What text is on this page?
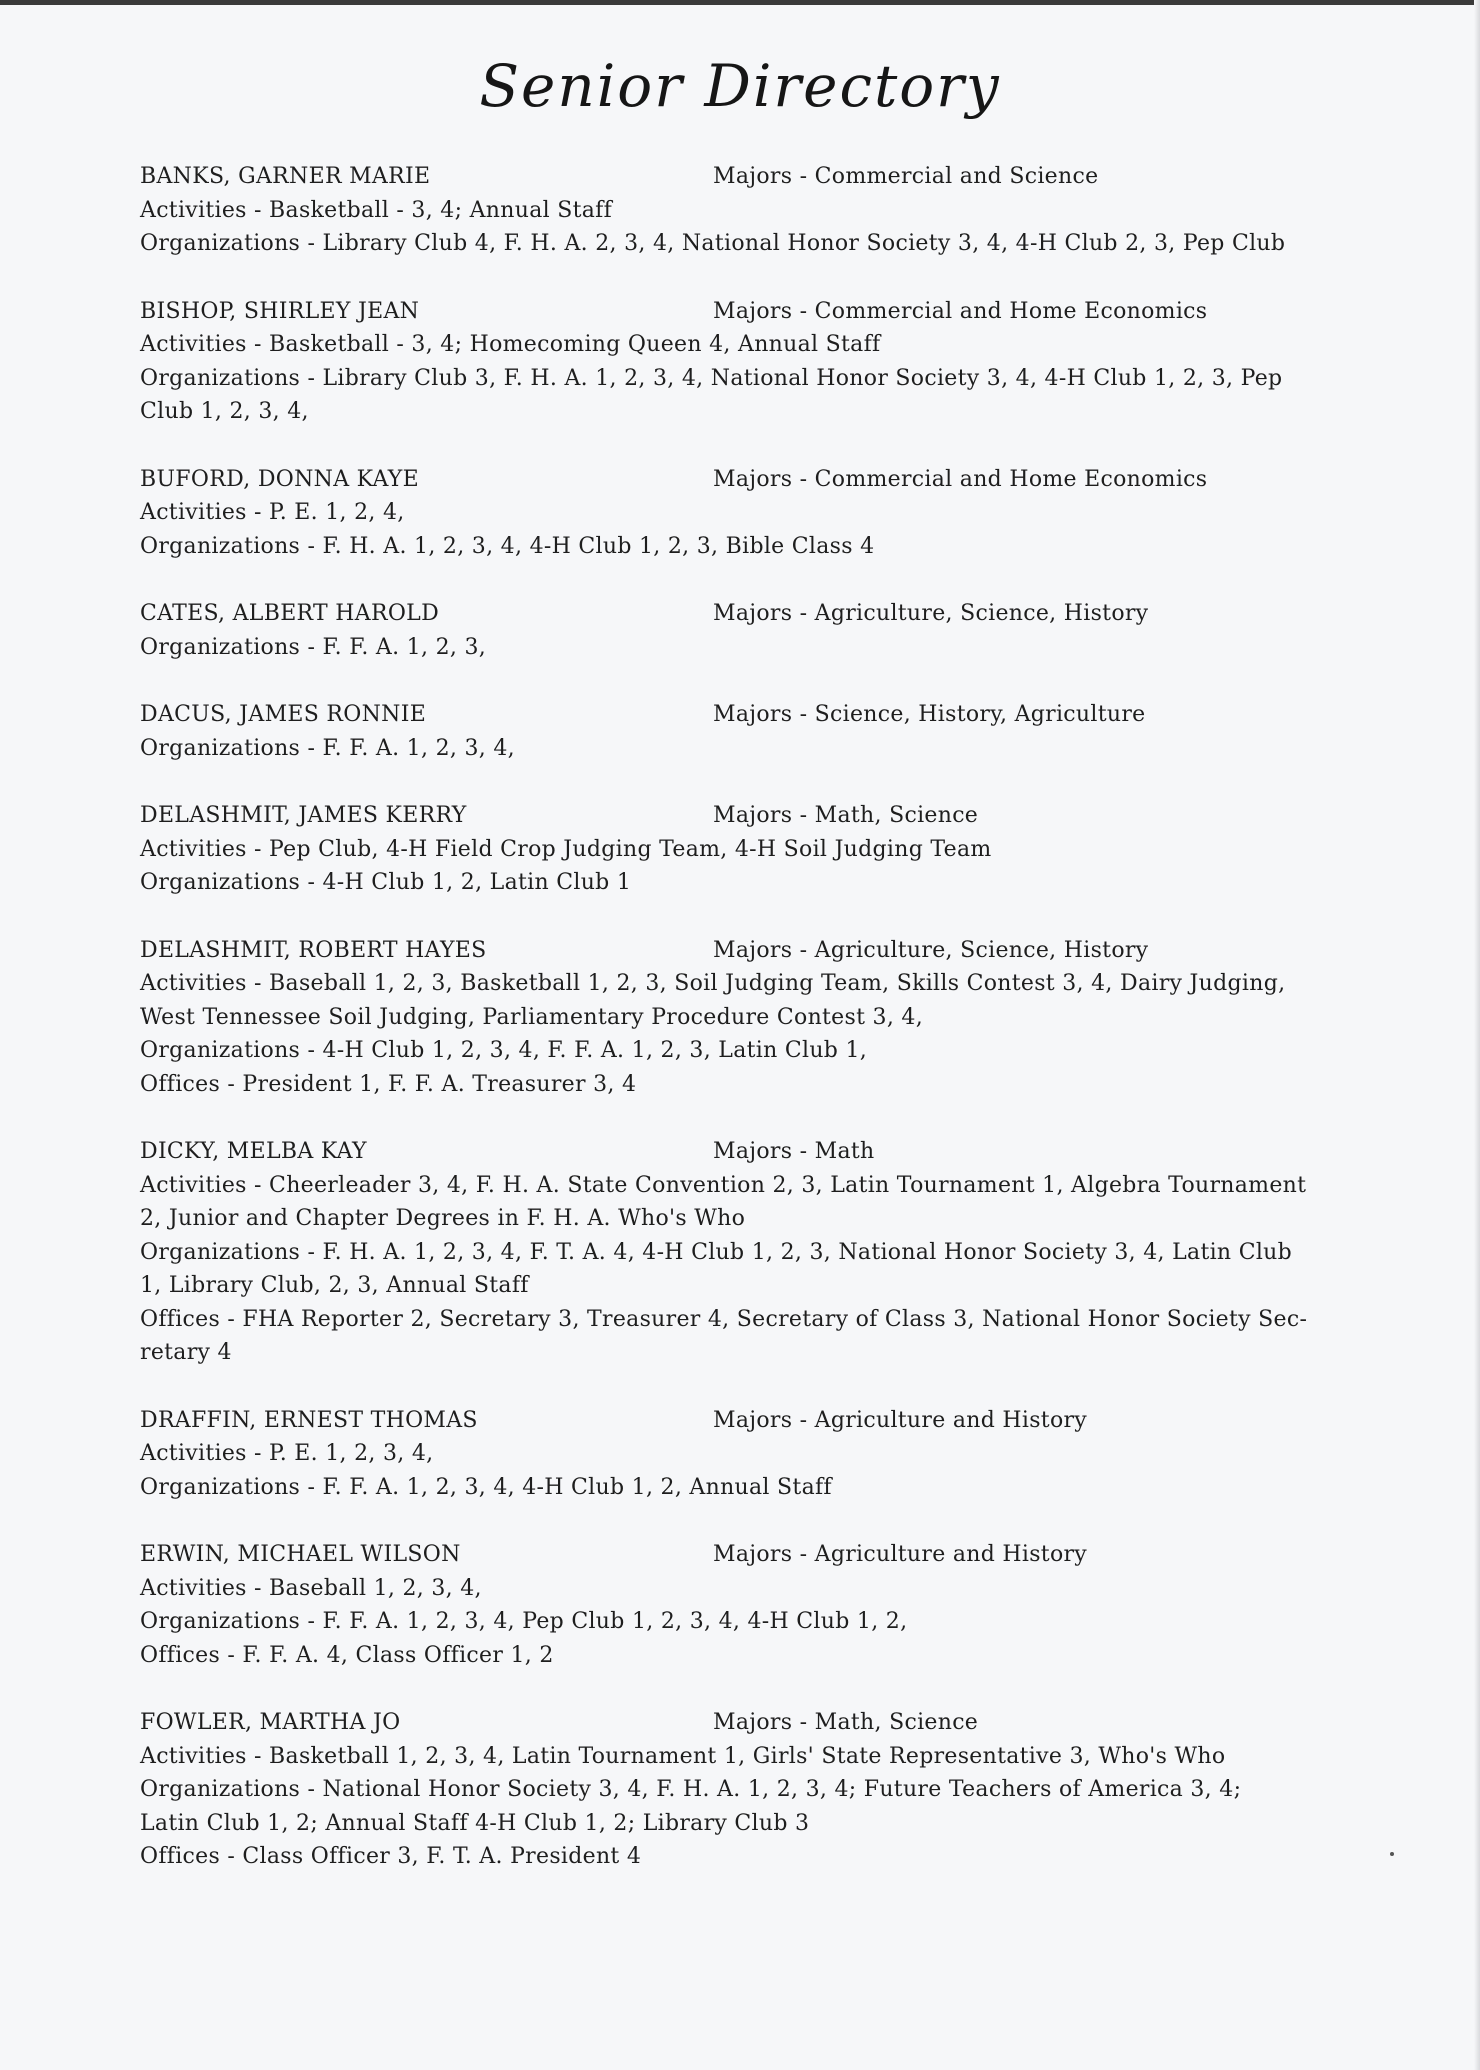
Senior Directory
BANKS, GARNER MARIE	Majors - Commercial and Science
Activities - Basketball - 3, 4; Annual Staff
Organizations - Library Club 4, F. H. A. 2, 3, 4, National Honor Society 3, 4, 4-H Club 2, 3, Pep Club
BISHOP, SHIRLEY JEAN	Majors - Commercial and Home Economics
Activities - Basketball - 3, 4; Homecoming Queen 4, Annual Staff
Organizations - Library Club 3, F. H. A. 1, 2, 3, 4, National Honor Society 3, 4, 4-H Club 1, 2, 3, Pep
Club 1, 2, 3, 4,
BUFORD, DONNA KAYE	Majors - Commercial and Home Economics
Activities - P. E. 1, 2, 4,
Organizations - F. H. A. 1, 2, 3, 4, 4-H Club 1, 2, 3, Bible Class 4
CATES, ALBERT HAROLD	Majors - Agriculture, Science, History
Organizations - F. F. A. 1, 2, 3,
DACUS, JAMES RONNIE	Majors - Science, History, Agriculture
Organizations - F. F. A. 1, 2, 3, 4,
DELASHMIT, JAMES KERRY	Majors - Math, Science
Activities - Pep Club, 4-H Field Crop Judging Team, 4-H Soil Judging Team
Organizations - 4-H Club 1, 2, Latin Club 1
DELASHMIT, ROBERT HAYES	Majors - Agriculture, Science, History
Activities - Baseball 1, 2, 3, Basketball 1, 2, 3, Soil Judging Team, Skills Contest 3, 4, Dairy Judging,
West Tennessee Soil Judging, Parliamentary Procedure Contest 3, 4,
Organizations - 4-H Club 1, 2, 3, 4, F. F. A. 1, 2, 3, Latin Club 1,
Offices - President 1, F. F. A. Treasurer 3, 4
DICKY, MELBA KAY	Majors - Math
Activities - Cheerleader 3, 4, F. H. A. State Convention 2, 3, Latin Tournament 1, Algebra Tournament
2, Junior and Chapter Degrees in F. H. A. Who's Who
Organizations - F. H. A. 1, 2, 3, 4, F. T. A. 4, 4-H Club 1, 2, 3, National Honor Society 3, 4, Latin Club
1, Library Club, 2, 3, Annual Staff
Offices - FHA Reporter 2, Secretary 3, Treasurer 4, Secretary of Class 3, National Honor Society Sec-
retary 4
DRAFFIN, ERNEST THOMAS	Majors - Agriculture and History
Activities - P. E. 1, 2, 3, 4,
Organizations - F. F. A. 1, 2, 3, 4, 4-H Club 1, 2, Annual Staff
ERWIN, MICHAEL WILSON	Majors - Agriculture and History
Activities - Baseball 1, 2, 3, 4,
Organizations - F. F. A. 1, 2, 3, 4, Pep Club 1, 2, 3, 4, 4-H Club 1, 2,
Offices - F. F. A. 4, Class Officer 1, 2
FOWLER, MARTHA JO	Majors - Math, Science
Activities - Basketball 1, 2, 3, 4, Latin Tournament 1, Girls' State Representative 3, Who's Who
Organizations - National Honor Society 3, 4, F. H. A. 1, 2, 3, 4; Future Teachers of America 3, 4;
Latin Club 1, 2; Annual Staff 4-H Club 1, 2; Library Club 3
Offices - Class Officer 3, F. T. A. President 4
